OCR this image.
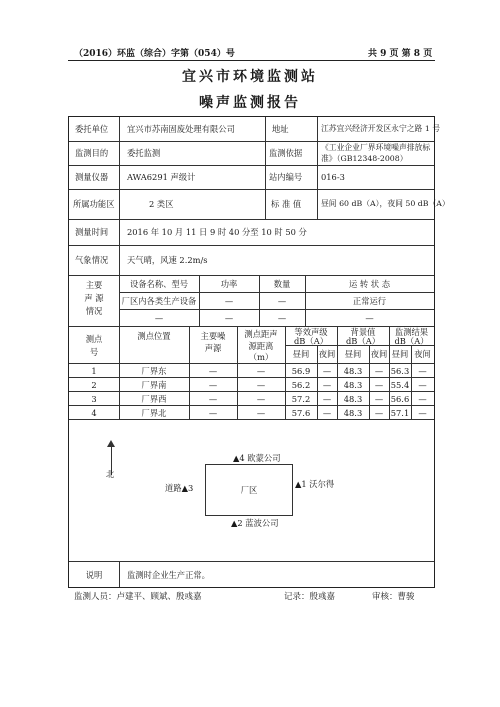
（2016）环监（综合）字第（054）号	共 9 页 第 8 页
宜兴市环境监测站
噪声监测报告
委托单位 宜兴市苏南固废处理有限公司	地址	江苏宜兴经济开发区永宁之路 1 号
监测目的 委托监测	监测依据
《工业企业厂界环境噪声排放标
准》（GB12348-2008）
测量仪器 AWA6291 声级计	站内编号 016-3
所属功能区	2 类区	标 准 值	昼间 60 dB（A），夜间 50 dB（A）
测量时间 2016 年 10 月 11 日 9 时 40 分至 10 时 50 分
气象情况 天气晴，风速 2.2m/s
主要
声 源
情况
设备名称、型号	功率	数量	运 转 状 态
厂区内各类生产设备	—	—	正常运行
—	—	—	—
测点
号
测点位置	主要噪
声源
测点距声
源距离
（m）
等效声级
dB（A）
背景值
dB（A）
监测结果
dB（A）
昼间	夜间	昼间	夜间 昼间 夜间
1	厂界东	—	—	56.9	—	48.3	— 56.3	—
2	厂界南	—	—	56.2	—	48.3	— 55.4	—
3	厂界西	—	—	57.2	—	48.3	— 56.6	—
4	厂界北	—	—	57.6	—	48.3	— 57.1	—
北
厂区
▲4 欧蒙公司
▲1 沃尔得
道路▲3
▲2 蓝波公司
说明	监测时企业生产正常。
监测人员：卢建平、顾斌、殷彧嘉	记录：殷彧嘉	审核：曹骏
